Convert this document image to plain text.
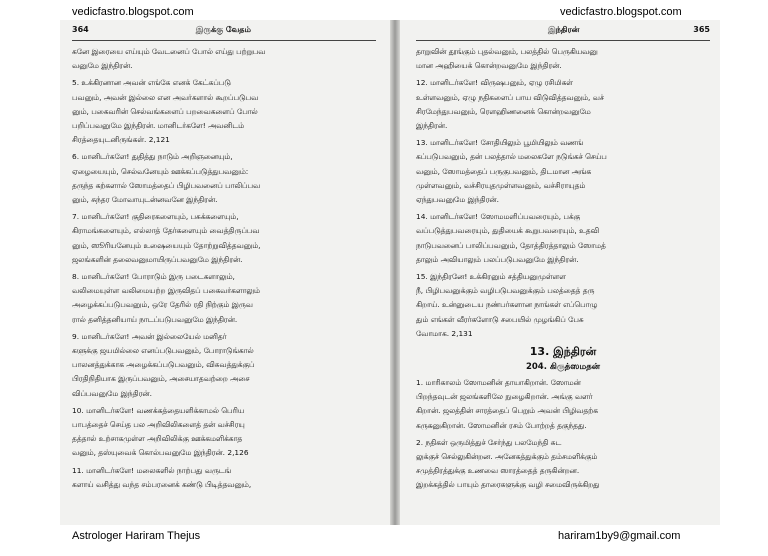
vedicfastro.blogspot.com	vedicfastro.blogspot.com
364	இருக்கு வேதம்
கனே இரையை எய்யும் வேடனைப் போல் எய்து பற்றுபவ
வனுமே இந்திரன்.
5. உக்கிரனான அவன் எங்கே எனக் கேட்கப்படு
பவனும், அவன் இல்லை என அவர்களால் கூறப்படுபவ
னும், பகைவரின் செல்வங்களைப் பறவைகளைப் போல்
பறிப்பவனுமே இந்திரன். மானிடர்களே! அவனிடம்
சிரத்தையுடனிருங்கள். 2,121
6. மானிடர்களே! துதித்து நாடும் அறிஞனையும்,
ஏழையையும், செல்வனேயும் ஊக்கப்படுத்துபவனும்:
தருந்த கற்களால் ஸோமத்தைப் பிழிபவனைப் பாலிப்பவ
னும், சுந்தர மோவாயுடன்னவனே இந்திரன்.
7. மானிடர்களே! குதிரைகளையும், பசுக்களையும்,
கிராமங்களையும், எல்லாத் தேர்களையும் வைத்திருப்பவ
னும், ஸூரியனேயும் உஷையையும் தோற்றுவித்தவனும்,
ஜலங்களின் தலைவனுமாயிருப்பவனுமே இந்திரன்.
8. மானிடர்களே! போராடும் இரு படைகளாலும்,
வலிமையுள்ள வலிமையற்ற இருவிதப் பகைவர்களாலும்
அழைக்கப்படுபவனும், ஒரே தேரில் ரதி நிற்கும் இருவ
ரால் தனித்தனியாய் நாடப்படுபவனுமே இந்திரன்.
9. மானிடர்களே! அவன் இல்லையேல் மனிதர்
களுக்கு ஜயமில்லை எனப்படுபவனும், போராடுங்கால்
பாலனத்துக்காக அழைக்கப்படுபவனும், விசுவத்துக்குப்
பிரதிநிதியாக இருப்பவனும், அசையாதவற்றை அசை
விப்பவனுமே இந்திரன்.
10. மானிடர்களே! வணக்கத்தையளிக்காமல் பெரிய
பாபத்தைச் செய்த பல அறிவிலிகளைத் தன் வச்சிரயு
தத்தால் உற்சாகமுள்ள அறிவிலிக்கு ஊக்கமளிக்காத
வனும், தஸ்யுவைக் கொல்பவனுமே இந்திரன். 2,126
11. மானிடர்களே! மலைகளில் நாற்பது வருடங்
களாய் வசித்து வந்த சம்பரனைக் கண்டு பிடித்தவனும்,
இந்திரன்	365
தாறுவின் தூங்கும் புதல்வனும், பலத்தில் பெருகியவனு
மான அஹியைக் கொன்றவனுமே இந்திரன்.
12. மானிடர்களே! விருஷபனும், ஏழு ரசிமிகள்
உள்ளவனும், ஏழு நதிகளைப் பாய விடுவித்தவனும், வச்
சிரமேந்துபவனும், ரௌஹிணனைக் கொன்றவனுமே
இந்திரன்.
13. மானிடர்களே! சோதியிலும் பூமியிலும் வணங்
கப்படுபவனும், தன் பலத்தால் மலைகளே நடுங்கச் செய்ப
வனும், ஸோமத்தைப் பருகுபவனும், திடமான அங்க
முள்ளவனும், வச்சிரயுதமுள்ளவனும், வச்சிராயுதம்
ஏந்துபவனுமே இந்திரன்.
14. மானிடர்களே! ஸோமமளிப்பவரையும், பக்கு
வப்படுத்துபவரையும், துதியைக் கூறுபவரையும், உதவி
நாடுபவனைப் பாலிப்பவனும், தோத்திரத்தாலும் ஸோமத்
தாலும் அவியாலும் பலப்படுபவனுமே இந்திரன்.
15. இந்திரனே! உக்கிரனும் சத்தியனுமுள்ளள
நீ, பிழிபவனுக்கும் வழிபடுபவனுக்கும் பலத்தைத் தரு
கிறாய். உன்னுடைய நண்பர்களான நாங்கள் எப்பொழு
தும் எங்கள் வீரர்களோடு சபையில் முழங்கிப் பேசு
வோமாக. 2,131
13. இந்திரன்
204. கிருத்ஸமதன்
1. மாரிகாலம் ஸோமனின் தாயாகிறான். ஸோமன்
பிறந்தவுடன் ஜலங்களிலே நுழைகிறான். அங்கு வளர்
கிறான். ஜலத்தின் சாரத்தைப் பெறும் அவன் பிழிவதற்க
கருகனுகிறான். ஸோமனின் ரசம் போற்றத் தகுந்தது.
2. நதிகள் ஒருமித்துச் சேர்ந்து பலமேந்தி சுட
லுக்குச் செல்லுகின்றன. அனேகத்துக்கும் தம்சமளிக்கும்
சமுத்திரத்துக்கு உணவை ஸாரத்தைத் தருகின்றன.
இறக்கத்தில் பாயும் தாரைகளுக்கு வழி சமைவிருக்கிறது
Astrologer Hariram Thejus	hariram1by9@gmail.com
